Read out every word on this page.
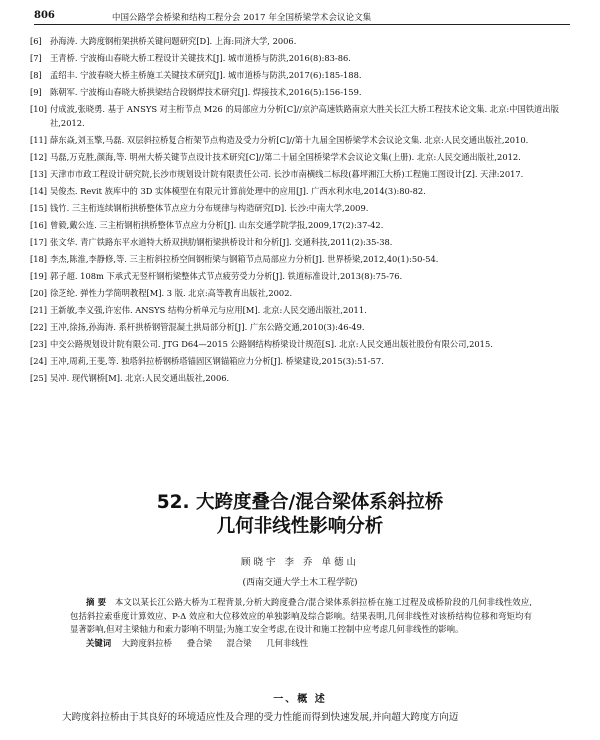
806	中国公路学会桥梁和结构工程分会 2017 年全国桥梁学术会议论文集

[6] 孙海涛. 大跨度钢桁架拱桥关键问题研究[D]. 上海:同济大学, 2006.

[7] 王青桥. 宁波梅山春晓大桥工程设计关键技术[J]. 城市道桥与防洪,2016(8):83-86.

[8] 孟绍丰. 宁波春晓大桥主桥施工关键技术研究[J]. 城市道桥与防洪,2017(6):185-188.

[9] 陈朝军. 宁波梅山春晓大桥拱梁结合段钢焊技术研究[J]. 焊接技术,2016(5):156-159.

[10] 付成波,张晓勇. 基于 ANSYS 对主桁节点 M26 的局部应力分析[C]//京沪高速铁路南京大胜关长江大桥工程技术论文集. 北京:中国铁道出版社,2012.

[11] 薛东焱,刘玉擎,马磊. 双层斜拉桥复合桁架节点构造及受力分析[C]//第十九届全国桥梁学术会议论文集. 北京:人民交通出版社,2010.

[12] 马磊,万克胜,颜海,等. 明州大桥关键节点设计技术研究[C]//第二十届全国桥梁学术会议论文集(上册). 北京:人民交通出版社,2012.

[13] 天津市市政工程设计研究院,长沙市规划设计院有限责任公司. 长沙市南横线二标段(暮坪湘江大桥)工程施工图设计[Z]. 天津:2017.

[14] 吴俊杰. Revit 族库中的 3D 实体模型在有限元计算前处理中的应用[J]. 广西水利水电,2014(3):80-82.

[15] 钱竹. 三主桁连续钢桁拱桥整体节点应力分布规律与构造研究[D]. 长沙:中南大学,2009.

[16] 曾毅,戴公连. 三主桁钢桁拱桥整体节点应力分析[J]. 山东交通学院学报,2009,17(2):37-42.

[17] 张文华. 青广铁路东平水道特大桥双拱肋钢桁梁拱桥设计和分析[J]. 交通科技,2011(2):35-38.

[18] 李杰,陈淮,李静修,等. 三主桁斜拉桥空间钢桁梁与钢箱节点局部应力分析[J]. 世界桥梁,2012,40(1):50-54.

[19] 郭子超. 108m 下承式无竖杆钢桁梁整体式节点疲劳受力分析[J]. 铁道标准设计,2013(8):75-76.

[20] 徐芝纶. 弹性力学简明教程[M]. 3 版. 北京:高等教育出版社,2002.

[21] 王新敏,李义强,许宏伟. ANSYS 结构分析单元与应用[M]. 北京:人民交通出版社,2011.

[22] 王冲,徐扬,孙海涛. 系杆拱桥钢管混凝土拱局部分析[J]. 广东公路交通,2010(3):46-49.

[23] 中交公路规划设计院有限公司. JTG D64—2015 公路钢结构桥梁设计规范[S]. 北京:人民交通出版社股份有限公司,2015.

[24] 王冲,周莉,王斐,等. 独塔斜拉桥钢桥塔锚固区钢锚箱应力分析[J]. 桥梁建设,2015(3):51-57.

[25] 吴冲. 现代钢桥[M]. 北京:人民交通出版社,2006.

52. 大跨度叠合/混合梁体系斜拉桥

几何非线性影响分析

顾晓宇 李 乔 单德山
(西南交通大学土木工程学院)

摘 要 本文以某长江公路大桥为工程背景,分析大跨度叠合/混合梁体系斜拉桥在施工过程及成桥阶段的几何非线性效应,包括斜拉索垂度计算效应、P-Δ 效应和大位移效应的单独影响及综合影响。结果表明,几何非线性对该桥结构位移和弯矩均有显著影响,但对主梁轴力和索力影响不明显;为施工安全考虑,在设计和施工控制中应考虑几何非线性的影响。

关键词 大跨度斜拉桥 叠合梁 混合梁 几何非线性

一、概 述
大跨度斜拉桥由于其良好的环境适应性及合理的受力性能而得到快速发展,并向超大跨度方向迈
